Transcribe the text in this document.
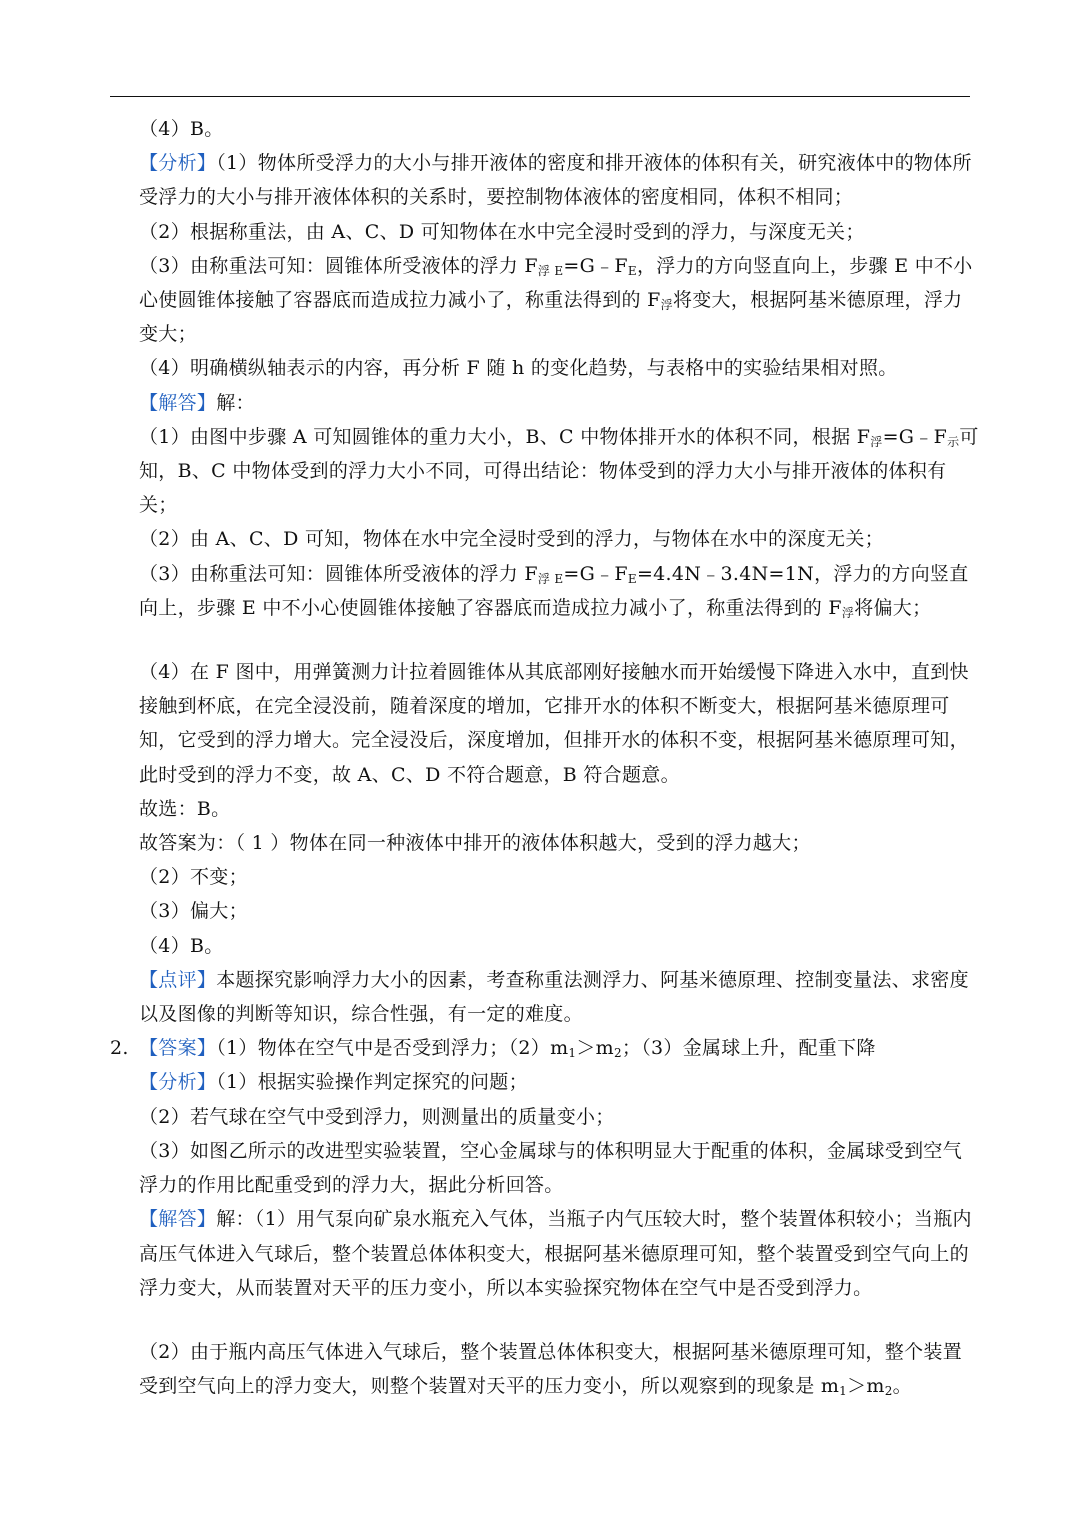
（4）B。
【分析】（1）物体所受浮力的大小与排开液体的密度和排开液体的体积有关，研究液体中的物体所受浮力的大小与排开液体体积的关系时，要控制物体液体的密度相同，体积不相同；
（2）根据称重法，由 A、C、D 可知物体在水中完全浸时受到的浮力，与深度无关；
（3）由称重法可知：圆锥体所受液体的浮力 $F_{浮 E}=G﹣F_E$，浮力的方向竖直向上，步骤 E 中不小心使圆锥体接触了容器底而造成拉力减小了，称重法得到的 $F_浮$将变大，根据阿基米德原理，浮力变大；
（4）明确横纵轴表示的内容，再分析 F 随 h 的变化趋势，与表格中的实验结果相对照。
【解答】解：
（1）由图中步骤 A 可知圆锥体的重力大小，B、C 中物体排开水的体积不同，根据 $F_浮=G﹣F_示$可知，B、C 中物体受到的浮力大小不同，可得出结论：物体受到的浮力大小与排开液体的体积有关；
（2）由 A、C、D 可知，物体在水中完全浸时受到的浮力，与物体在水中的深度无关；
（3）由称重法可知：圆锥体所受液体的浮力 $F_{浮 E}=G﹣F_E=4.4N﹣3.4N=1N$，浮力的方向竖直向上，步骤 E 中不小心使圆锥体接触了容器底而造成拉力减小了，称重法得到的 $F_浮$将偏大；
（4）在 F 图中，用弹簧测力计拉着圆锥体从其底部刚好接触水而开始缓慢下降进入水中，直到快接触到杯底，在完全浸没前，随着深度的增加，它排开水的体积不断变大，根据阿基米德原理可知，它受到的浮力增大。完全浸没后，深度增加，但排开水的体积不变，根据阿基米德原理可知，此时受到的浮力不变，故 A、C、D 不符合题意，B 符合题意。
故选：B。
故答案为：（ 1 ）物体在同一种液体中排开的液体体积越大，受到的浮力越大；
（2）不变；
（3）偏大；
（4）B。
【点评】本题探究影响浮力大小的因素，考查称重法测浮力、阿基米德原理、控制变量法、求密度以及图像的判断等知识，综合性强，有一定的难度。
2. 【答案】（1）物体在空气中是否受到浮力；$(2)m_1>m_2$；（3）金属球上升，配重下降
【分析】（1）根据实验操作判定探究的问题；
（2）若气球在空气中受到浮力，则测量出的质量变小；
（3）如图乙所示的改进型实验装置，空心金属球与的体积明显大于配重的体积，金属球受到空气浮力的作用比配重受到的浮力大，据此分析回答。
【解答】解：（1）用气泵向矿泉水瓶充入气体，当瓶子内气压较大时，整个装置体积较小；当瓶内高压气体进入气球后，整个装置总体体积变大，根据阿基米德原理可知，整个装置受到空气向上的浮力变大，从而装置对天平的压力变小，所以本实验探究物体在空气中是否受到浮力。
（2）由于瓶内高压气体进入气球后，整个装置总体体积变大，根据阿基米德原理可知，整个装置受到空气向上的浮力变大，则整个装置对天平的压力变小，所以观察到的现象是 $m_1>m_2$。
